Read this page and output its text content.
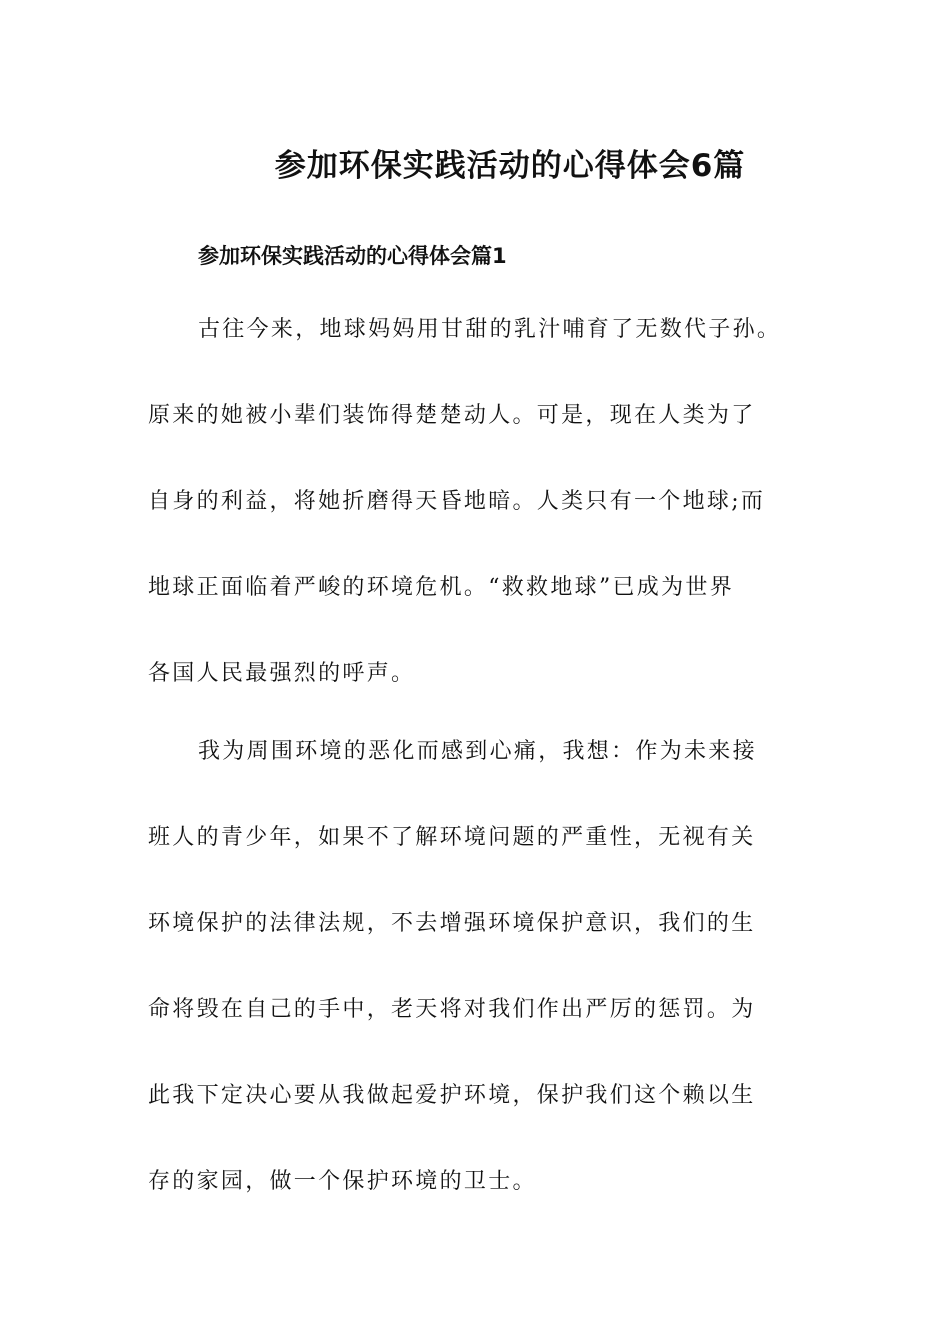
参加环保实践活动的心得体会6篇
参加环保实践活动的心得体会篇1
古往今来，地球妈妈用甘甜的乳汁哺育了无数代子孙。
原来的她被小辈们装饰得楚楚动人。可是，现在人类为了
自身的利益，将她折磨得天昏地暗。人类只有一个地球;而
地球正面临着严峻的环境危机。“救救地球”已成为世界
各国人民最强烈的呼声。
我为周围环境的恶化而感到心痛，我想：作为未来接
班人的青少年，如果不了解环境问题的严重性，无视有关
环境保护的法律法规，不去增强环境保护意识，我们的生
命将毁在自己的手中，老天将对我们作出严厉的惩罚。为
此我下定决心要从我做起爱护环境，保护我们这个赖以生
存的家园，做一个保护环境的卫士。
